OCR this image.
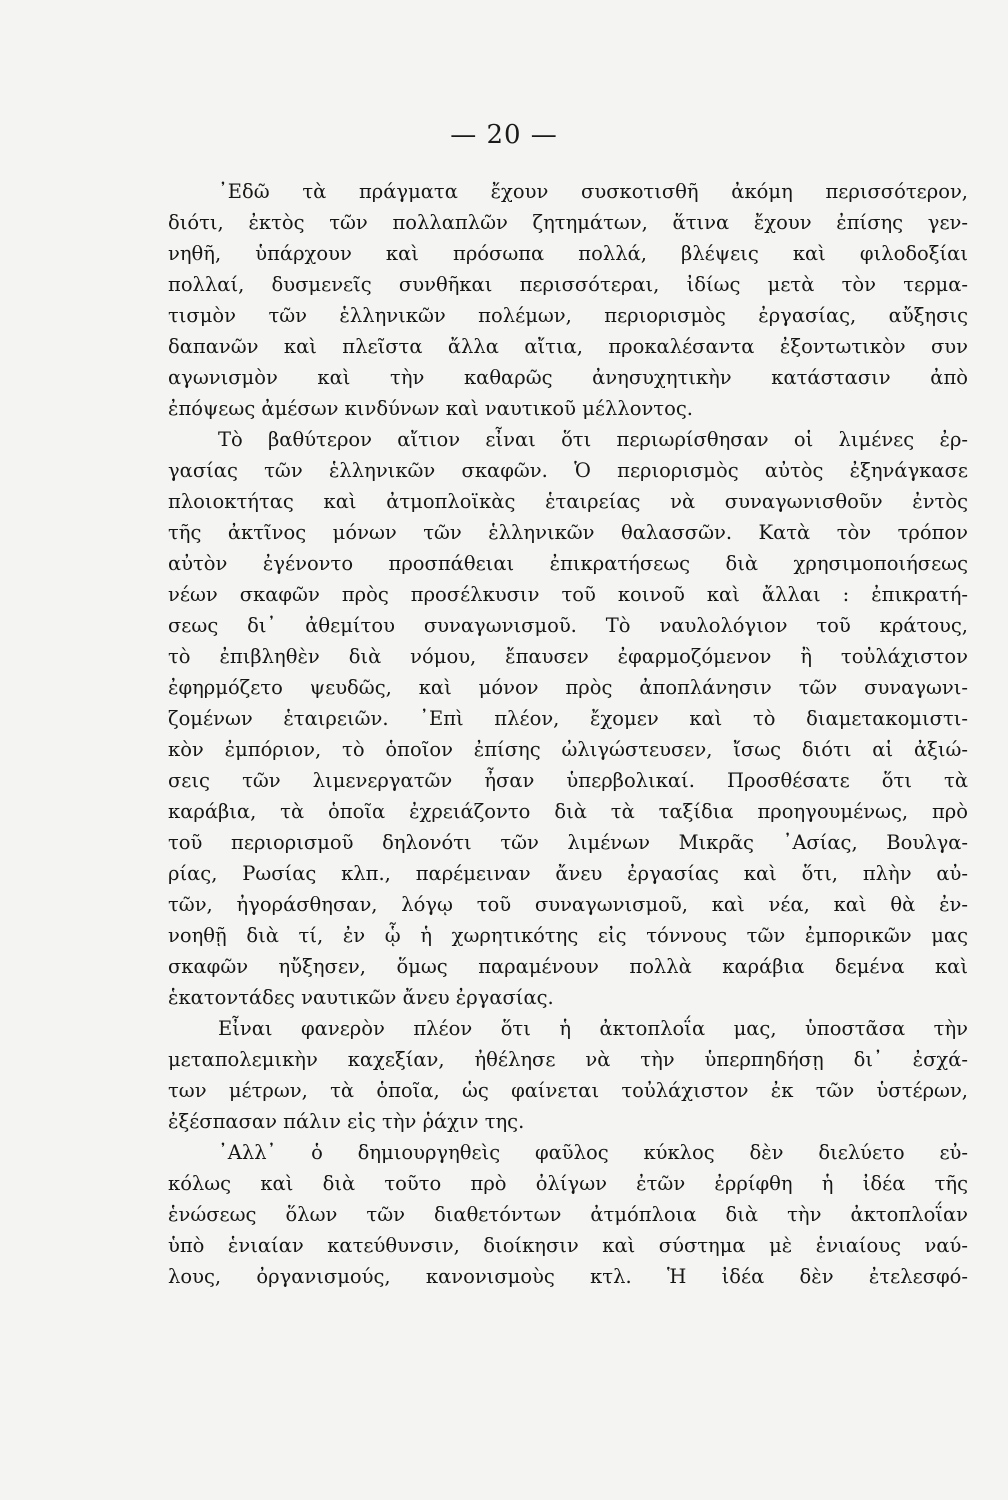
— 20 —
᾽Εδῶ τὰ πράγματα ἔχουν συσκοτισθῆ ἀκόμη περισσότερον,
διότι, ἐκτὸς τῶν πολλαπλῶν ζητημάτων, ἅτινα ἔχουν ἐπίσης γεν-
νηθῆ, ὑπάρχουν καὶ πρόσωπα πολλά, βλέψεις καὶ φιλοδοξίαι
πολλαί, δυσμενεῖς συνθῆκαι περισσότεραι, ἰδίως μετὰ τὸν τερμα-
τισμὸν τῶν ἑλληνικῶν πολέμων, περιορισμὸς ἐργασίας, αὔξησις
δαπανῶν καὶ πλεῖστα ἄλλα αἴτια, προκαλέσαντα ἐξοντωτικὸν συν
αγωνισμὸν καὶ τὴν καθαρῶς ἀνησυχητικὴν κατάστασιν ἀπὸ
ἐπόψεως ἀμέσων κινδύνων καὶ ναυτικοῦ μέλλοντος.
Τὸ βαθύτερον αἴτιον εἶναι ὅτι περιωρίσθησαν οἱ λιμένες ἐρ-
γασίας τῶν ἑλληνικῶν σκαφῶν. Ὁ περιορισμὸς αὐτὸς ἐξηνάγκασε
πλοιοκτήτας καὶ ἀτμοπλοϊκὰς ἑταιρείας νὰ συναγωνισθοῦν ἐντὸς
τῆς ἀκτῖνος μόνων τῶν ἑλληνικῶν θαλασσῶν. Κατὰ τὸν τρόπον
αὐτὸν ἐγένοντο προσπάθειαι ἐπικρατήσεως διὰ χρησιμοποιήσεως
νέων σκαφῶν πρὸς προσέλκυσιν τοῦ κοινοῦ καὶ ἄλλαι : ἐπικρατή-
σεως δι᾽ ἀθεμίτου συναγωνισμοῦ. Τὸ ναυλολόγιον τοῦ κράτους,
τὸ ἐπιβληθὲν διὰ νόμου, ἔπαυσεν ἐφαρμοζόμενον ἢ τοὐλάχιστον
ἐφηρμόζετο ψευδῶς, καὶ μόνον πρὸς ἀποπλάνησιν τῶν συναγωνι-
ζομένων ἑταιρειῶν. ᾽Επὶ πλέον, ἔχομεν καὶ τὸ διαμετακομιστι-
κὸν ἐμπόριον, τὸ ὁποῖον ἐπίσης ὠλιγώστευσεν, ἴσως διότι αἱ ἀξιώ-
σεις τῶν λιμενεργατῶν ἦσαν ὑπερβολικαί. Προσθέσατε ὅτι τὰ
καράβια, τὰ ὁποῖα ἐχρειάζοντο διὰ τὰ ταξίδια προηγουμένως, πρὸ
τοῦ περιορισμοῦ δηλονότι τῶν λιμένων Μικρᾶς ᾽Ασίας, Βουλγα-
ρίας, Ρωσίας κλπ., παρέμειναν ἄνευ ἐργασίας καὶ ὅτι, πλὴν αὐ-
τῶν, ἠγοράσθησαν, λόγῳ τοῦ συναγωνισμοῦ, καὶ νέα, καὶ θὰ ἐν-
νοηθῇ διὰ τί, ἐν ᾧ ἡ χωρητικότης εἰς τόννους τῶν ἐμπορικῶν μας
σκαφῶν ηὔξησεν, ὅμως παραμένουν πολλὰ καράβια δεμένα καὶ
ἑκατοντάδες ναυτικῶν ἄνευ ἐργασίας.
Εἶναι φανερὸν πλέον ὅτι ἡ ἀκτοπλοΐα μας, ὑποστᾶσα τὴν
μεταπολεμικὴν καχεξίαν, ἠθέλησε νὰ τὴν ὑπερπηδήσῃ δι᾽ ἐσχά-
των μέτρων, τὰ ὁποῖα, ὡς φαίνεται τοὐλάχιστον ἐκ τῶν ὑστέρων,
ἐξέσπασαν πάλιν εἰς τὴν ῥάχιν της.
᾽Αλλ᾽ ὁ δημιουργηθεὶς φαῦλος κύκλος δὲν διελύετο εὐ-
κόλως καὶ διὰ τοῦτο πρὸ ὀλίγων ἐτῶν ἐρρίφθη ἡ ἰδέα τῆς
ἑνώσεως ὅλων τῶν διαθετόντων ἀτμόπλοια διὰ τὴν ἀκτοπλοΐαν
ὑπὸ ἑνιαίαν κατεύθυνσιν, διοίκησιν καὶ σύστημα μὲ ἑνιαίους ναύ-
λους, ὀργανισμούς, κανονισμοὺς κτλ. Ἡ ἰδέα δὲν ἐτελεσφό-
